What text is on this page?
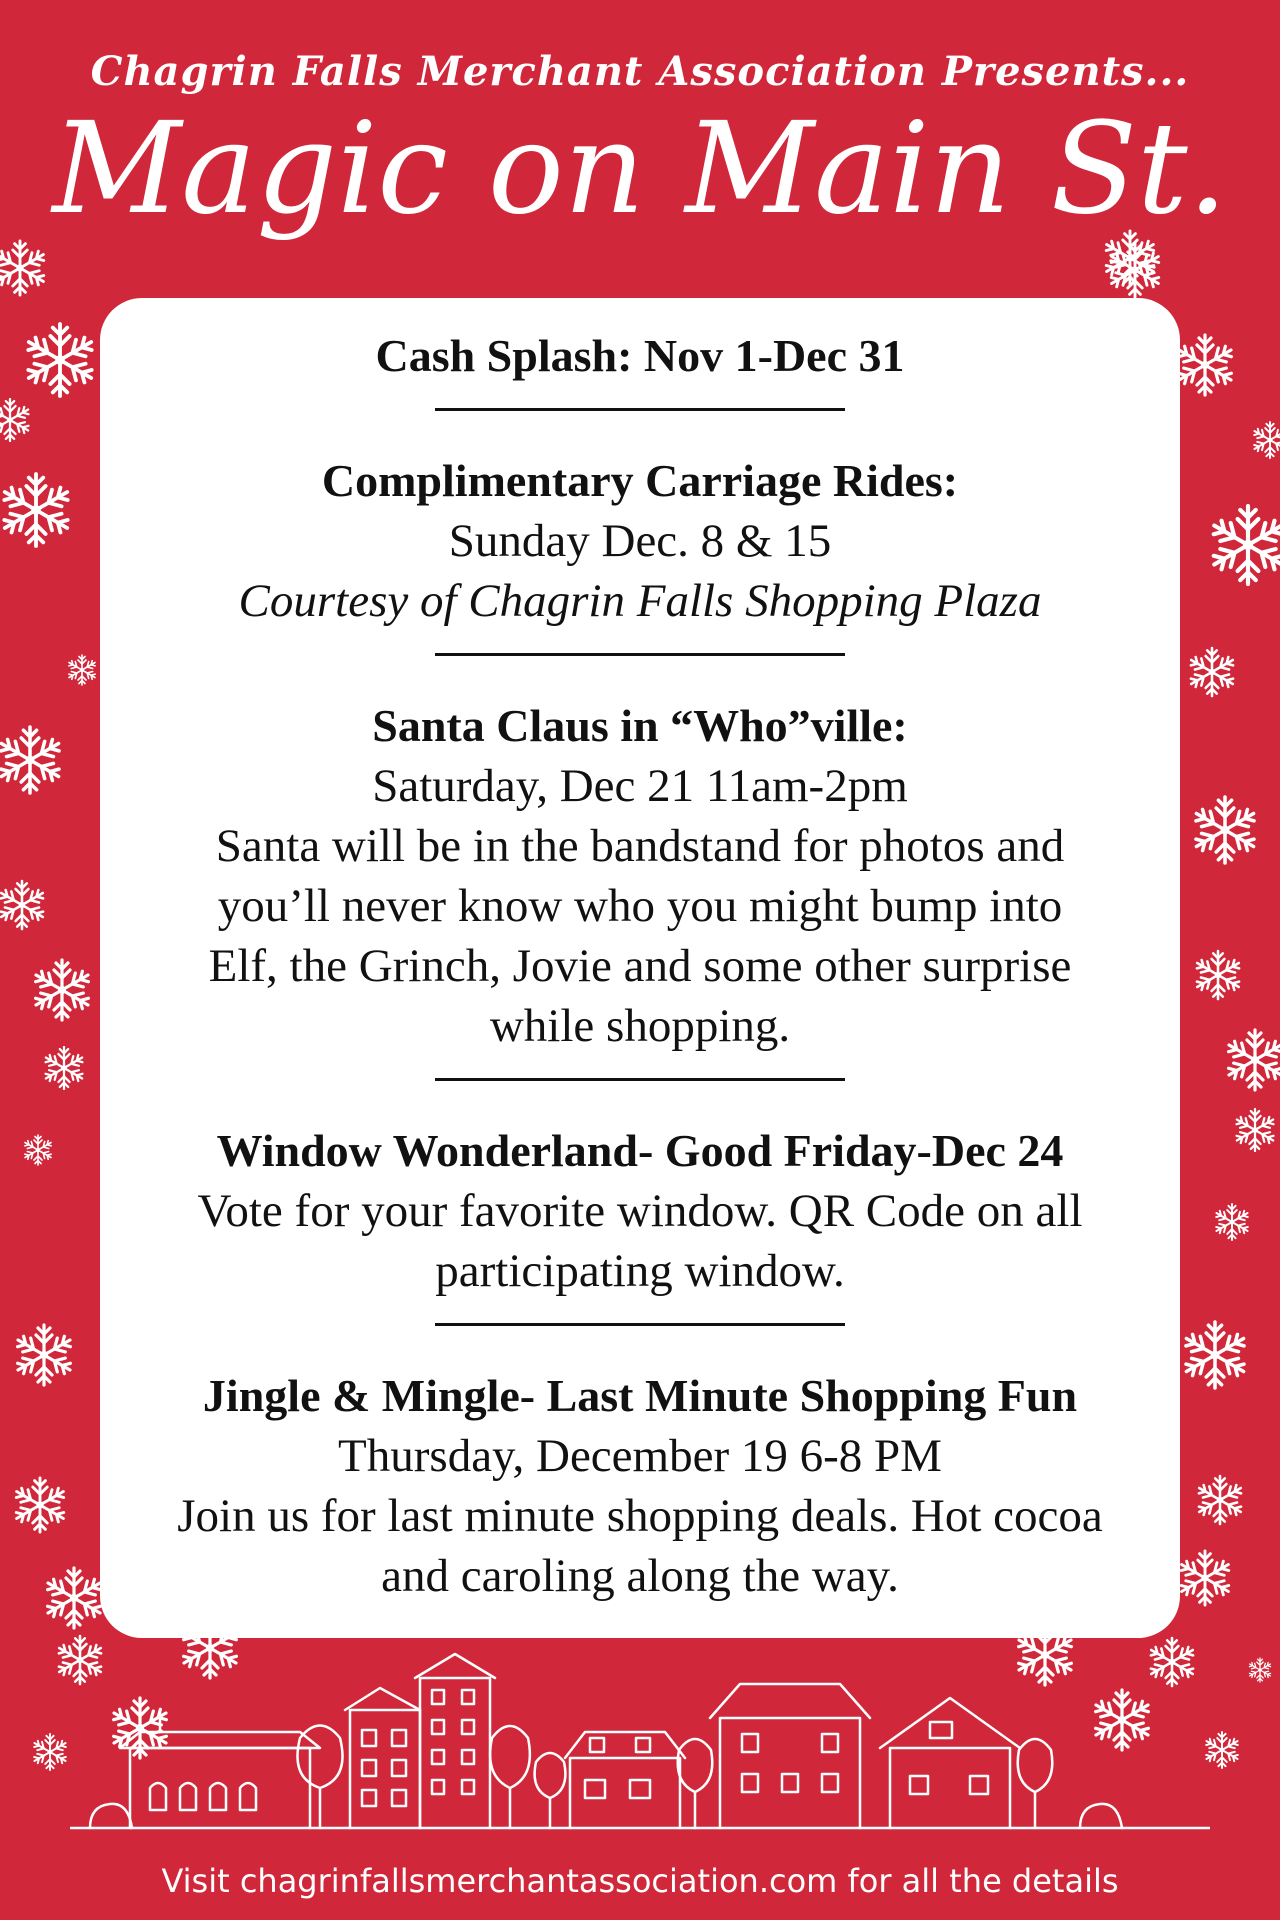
Chagrin Falls Merchant Association Presents...
Magic on Main St.
Cash Splash: Nov 1-Dec 31
Complimentary Carriage Rides:
Sunday Dec. 8 & 15
Courtesy of Chagrin Falls Shopping Plaza
Santa Claus in “Who”ville:
Saturday, Dec 21 11am-2pm
Santa will be in the bandstand for photos and
you’ll never know who you might bump into
Elf, the Grinch, Jovie and some other surprise
while shopping.
Window Wonderland- Good Friday-Dec 24
Vote for your favorite window. QR Code on all
participating window.
Jingle & Mingle- Last Minute Shopping Fun
Thursday, December 19 6-8 PM
Join us for last minute shopping deals. Hot cocoa
and caroling along the way.
Visit chagrinfallsmerchantassociation.com for all the details
